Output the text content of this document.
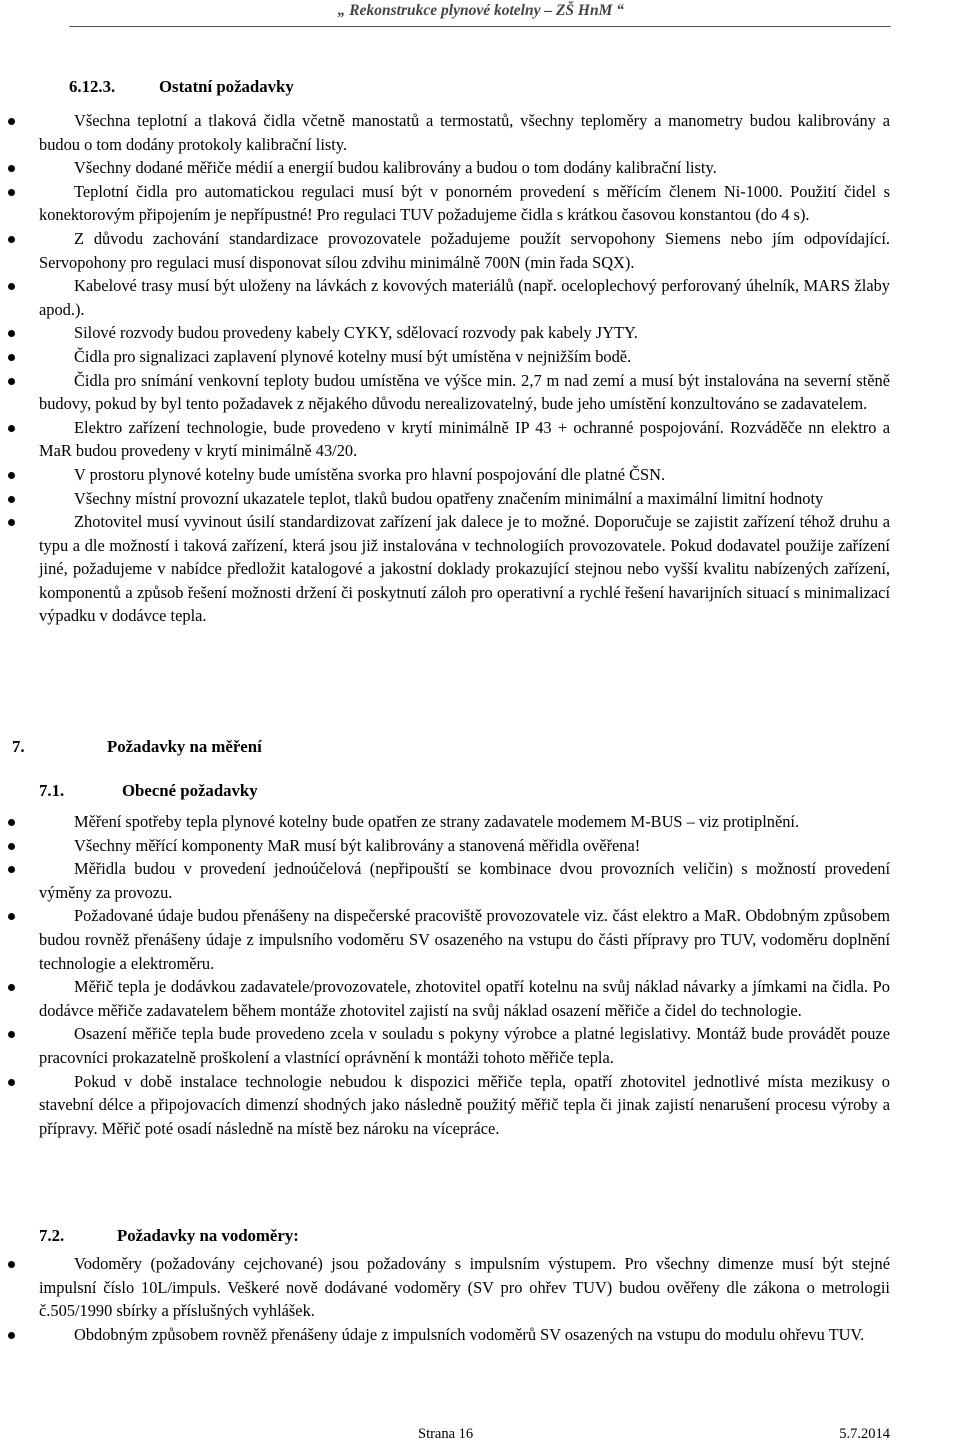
„ Rekonstrukce plynové kotelny – ZŠ HnM “
6.12.3.	Ostatní požadavky
Všechna teplotní a tlaková čidla včetně manostatů a termostatů, všechny teploměry a manometry budou kalibrovány a budou o tom dodány protokoly kalibrační listy.
Všechny dodané měřiče médií a energií budou kalibrovány a budou o tom dodány kalibrační listy.
Teplotní čidla pro automatickou regulaci musí být v ponorném provedení s měřícím členem Ni-1000. Použití čidel s konektorovým připojením je nepřípustné! Pro regulaci TUV požadujeme čidla s krátkou časovou konstantou (do 4 s).
Z důvodu zachování standardizace provozovatele požadujeme použít servopohony Siemens nebo jím odpovídající. Servopohony pro regulaci musí disponovat sílou zdvihu minimálně 700N (min řada SQX).
Kabelové trasy musí být uloženy na lávkách z kovových materiálů (např. oceloplechový perforovaný úhelník, MARS žlaby apod.).
Silové rozvody budou provedeny kabely CYKY, sdělovací rozvody pak kabely JYTY.
Čidla pro signalizaci zaplavení plynové kotelny musí být umístěna v nejnižším bodě.
Čidla pro snímání venkovní teploty budou umístěna ve výšce min. 2,7 m nad zemí a musí být instalována na severní stěně budovy, pokud by byl tento požadavek z nějakého důvodu nerealizovatelný, bude jeho umístění konzultováno se zadavatelem.
Elektro zařízení technologie, bude provedeno v krytí minimálně IP 43 + ochranné pospojování. Rozváděče nn elektro a MaR budou provedeny v krytí minimálně 43/20.
V prostoru plynové kotelny bude umístěna svorka pro hlavní pospojování dle platné ČSN.
Všechny místní provozní ukazatele teplot, tlaků budou opatřeny značením minimální a maximální limitní hodnoty
Zhotovitel musí vyvinout úsilí standardizovat zařízení jak dalece je to možné. Doporučuje se zajistit zařízení téhož druhu a typu a dle možností i taková zařízení, která jsou již instalována v technologiích provozovatele. Pokud dodavatel použije zařízení jiné, požadujeme v nabídce předložit katalogové a jakostní doklady prokazující stejnou nebo vyšší kvalitu nabízených zařízení, komponentů a způsob řešení možnosti držení či poskytnutí záloh pro operativní a rychlé řešení havarijních situací s minimalizací výpadku v dodávce tepla.
7.	Požadavky na měření
7.1.	Obecné požadavky
Měření spotřeby tepla plynové kotelny bude opatřen ze strany zadavatele modemem M-BUS – viz protiplnění.
Všechny měřící komponenty MaR musí být kalibrovány a stanovená měřidla ověřena!
Měřidla budou v provedení jednoúčelová (nepřipouští se kombinace dvou provozních veličin) s možností provedení výměny za provozu.
Požadované údaje budou přenášeny na dispečerské pracoviště provozovatele viz. část elektro a MaR. Obdobným způsobem budou rovněž přenášeny údaje z impulsního vodoměru SV osazeného na vstupu do části přípravy pro TUV, vodoměru doplnění technologie a elektroměru.
Měřič tepla je dodávkou zadavatele/provozovatele, zhotovitel opatří kotelnu na svůj náklad návarky a jímkami na čidla. Po dodávce měřiče zadavatelem během montáže zhotovitel zajistí na svůj náklad osazení měřiče a čidel do technologie.
Osazení měřiče tepla bude provedeno zcela v souladu s pokyny výrobce a platné legislativy. Montáž bude provádět pouze pracovníci prokazatelně proškolení a vlastnící oprávnění k montáži tohoto měřiče tepla.
Pokud v době instalace technologie nebudou k dispozici měřiče tepla, opatří zhotovitel jednotlivé místa mezikusy o stavební délce a připojovacích dimenzí shodných jako následně použitý měřič tepla či jinak zajistí nenarušení procesu výroby a přípravy. Měřič poté osadí následně na místě bez nároku na vícepráce.
7.2.	Požadavky na vodoměry:
Vodoměry (požadovány cejchované) jsou požadovány s impulsním výstupem. Pro všechny dimenze musí být stejné impulsní číslo 10L/impuls. Veškeré nově dodávané vodoměry (SV pro ohřev TUV) budou ověřeny dle zákona o metrologii č.505/1990 sbírky a příslušných vyhlášek.
Obdobným způsobem rovněž přenášeny údaje z impulsních vodoměrů SV osazených na vstupu do modulu ohřevu TUV.
Strana 16	5.7.2014
